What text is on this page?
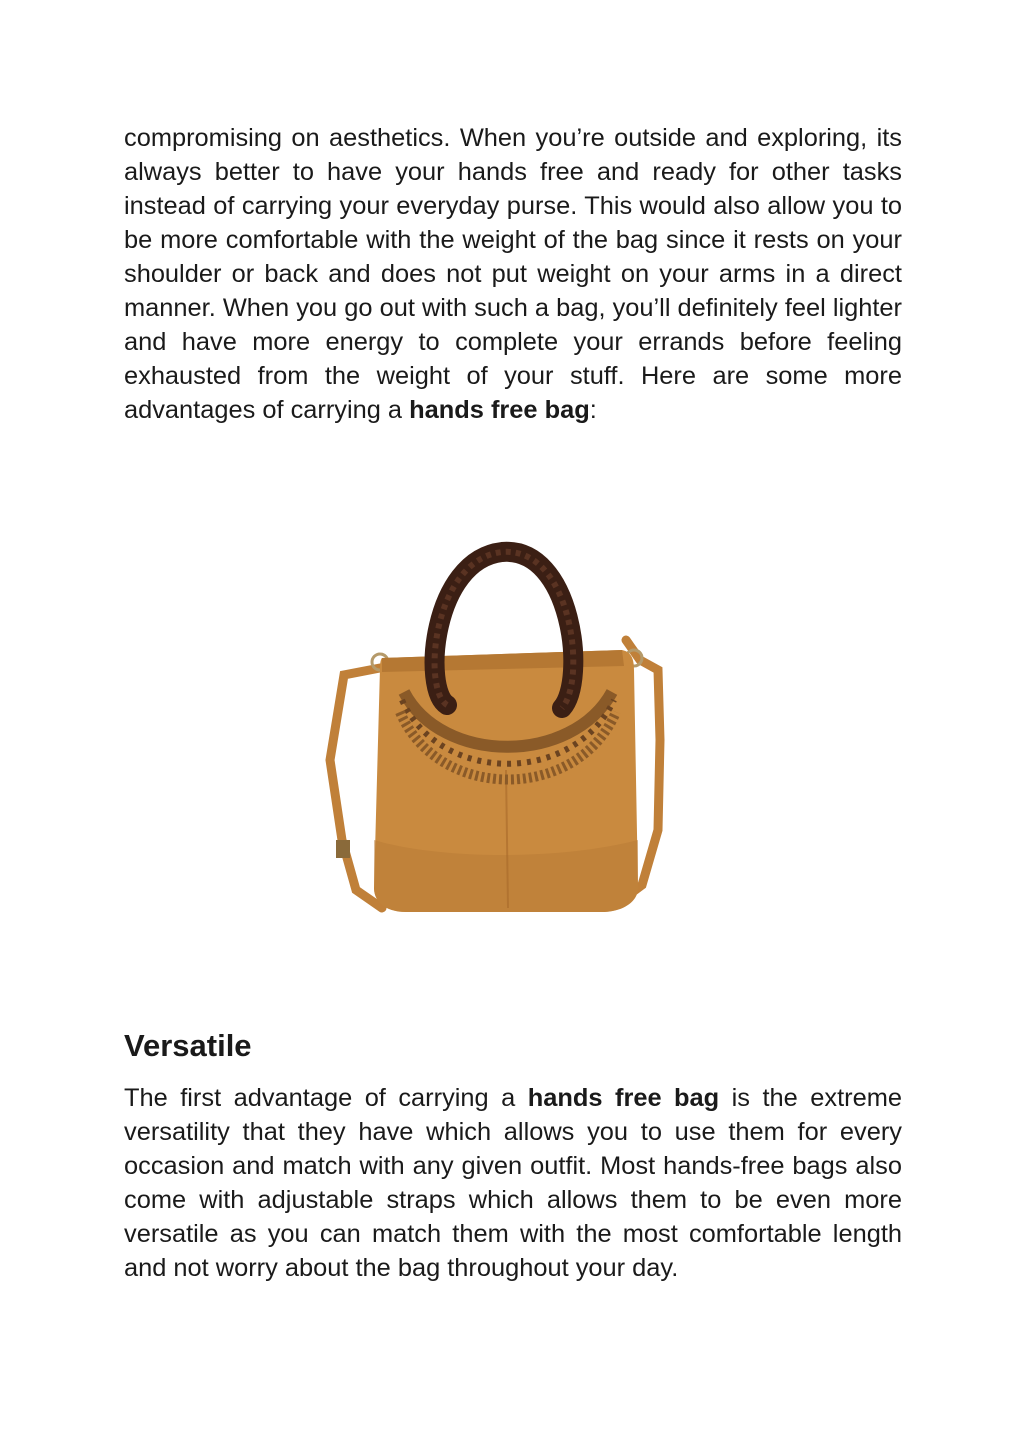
compromising on aesthetics. When you’re outside and exploring, its always better to have your hands free and ready for other tasks instead of carrying your everyday purse. This would also allow you to be more comfortable with the weight of the bag since it rests on your shoulder or back and does not put weight on your arms in a direct manner. When you go out with such a bag, you’ll definitely feel lighter and have more energy to complete your errands before feeling exhausted from the weight of your stuff. Here are some more advantages of carrying a hands free bag:

Versatile

The first advantage of carrying a hands free bag is the extreme versatility that they have which allows you to use them for every occasion and match with any given outfit. Most hands-free bags also come with adjustable straps which allows them to be even more versatile as you can match them with the most comfortable length and not worry about the bag throughout your day.
